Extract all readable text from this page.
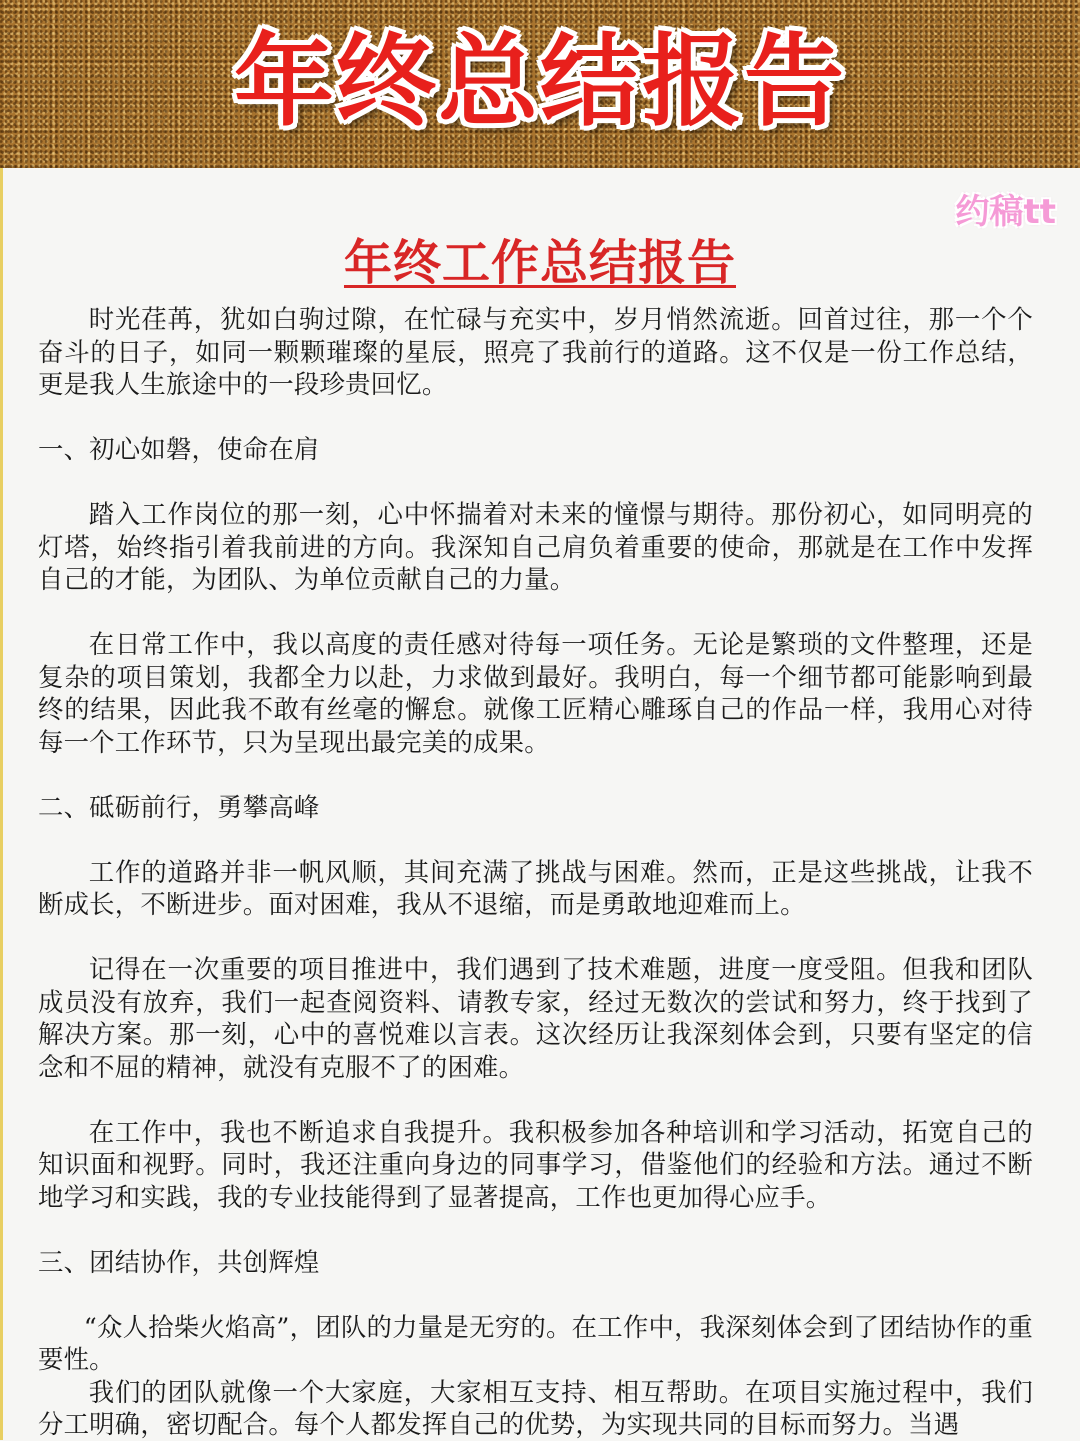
年终总结报告
约稿tt
年终工作总结报告

时光荏苒，犹如白驹过隙，在忙碌与充实中，岁月悄然流逝。回首过往，那一个个奋斗的日子，如同一颗颗璀璨的星辰，照亮了我前行的道路。这不仅是一份工作总结，更是我人生旅途中的一段珍贵回忆。

一、初心如磐，使命在肩

踏入工作岗位的那一刻，心中怀揣着对未来的憧憬与期待。那份初心，如同明亮的灯塔，始终指引着我前进的方向。我深知自己肩负着重要的使命，那就是在工作中发挥自己的才能，为团队、为单位贡献自己的力量。

在日常工作中，我以高度的责任感对待每一项任务。无论是繁琐的文件整理，还是复杂的项目策划，我都全力以赴，力求做到最好。我明白，每一个细节都可能影响到最终的结果，因此我不敢有丝毫的懈怠。就像工匠精心雕琢自己的作品一样，我用心对待每一个工作环节，只为呈现出最完美的成果。

二、砥砺前行，勇攀高峰

工作的道路并非一帆风顺，其间充满了挑战与困难。然而，正是这些挑战，让我不断成长，不断进步。面对困难，我从不退缩，而是勇敢地迎难而上。

记得在一次重要的项目推进中，我们遇到了技术难题，进度一度受阻。但我和团队成员没有放弃，我们一起查阅资料、请教专家，经过无数次的尝试和努力，终于找到了解决方案。那一刻，心中的喜悦难以言表。这次经历让我深刻体会到，只要有坚定的信念和不屈的精神，就没有克服不了的困难。

在工作中，我也不断追求自我提升。我积极参加各种培训和学习活动，拓宽自己的知识面和视野。同时，我还注重向身边的同事学习，借鉴他们的经验和方法。通过不断地学习和实践，我的专业技能得到了显著提高，工作也更加得心应手。

三、团结协作，共创辉煌

“众人拾柴火焰高”，团队的力量是无穷的。在工作中，我深刻体会到了团结协作的重要性。

我们的团队就像一个大家庭，大家相互支持、相互帮助。在项目实施过程中，我们分工明确，密切配合。每个人都发挥自己的优势，为实现共同的目标而努力。当遇
